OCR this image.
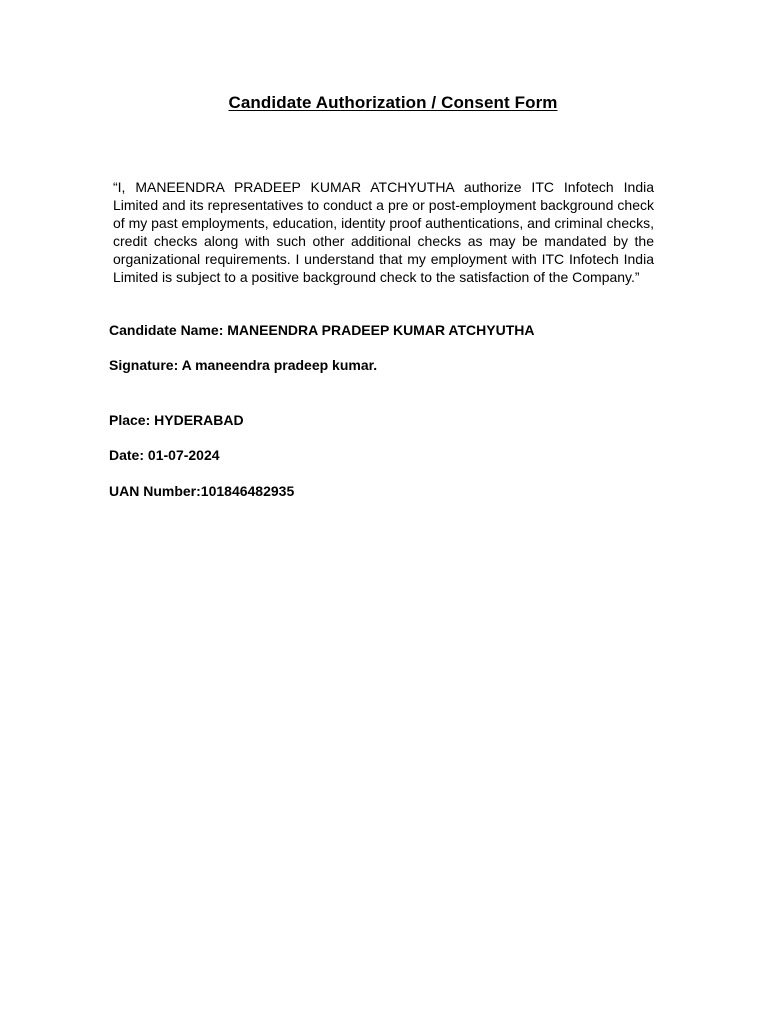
Candidate Authorization / Consent Form

“I, MANEENDRA PRADEEP KUMAR ATCHYUTHA authorize ITC Infotech India Limited and its representatives to conduct a pre or post-employment background check of my past employments, education, identity proof authentications, and criminal checks, credit checks along with such other additional checks as may be mandated by the organizational requirements. I understand that my employment with ITC Infotech India Limited is subject to a positive background check to the satisfaction of the Company.”

Candidate Name: MANEENDRA PRADEEP KUMAR ATCHYUTHA

Signature: A maneendra pradeep kumar.

Place: HYDERABAD

Date: 01-07-2024

UAN Number:101846482935
